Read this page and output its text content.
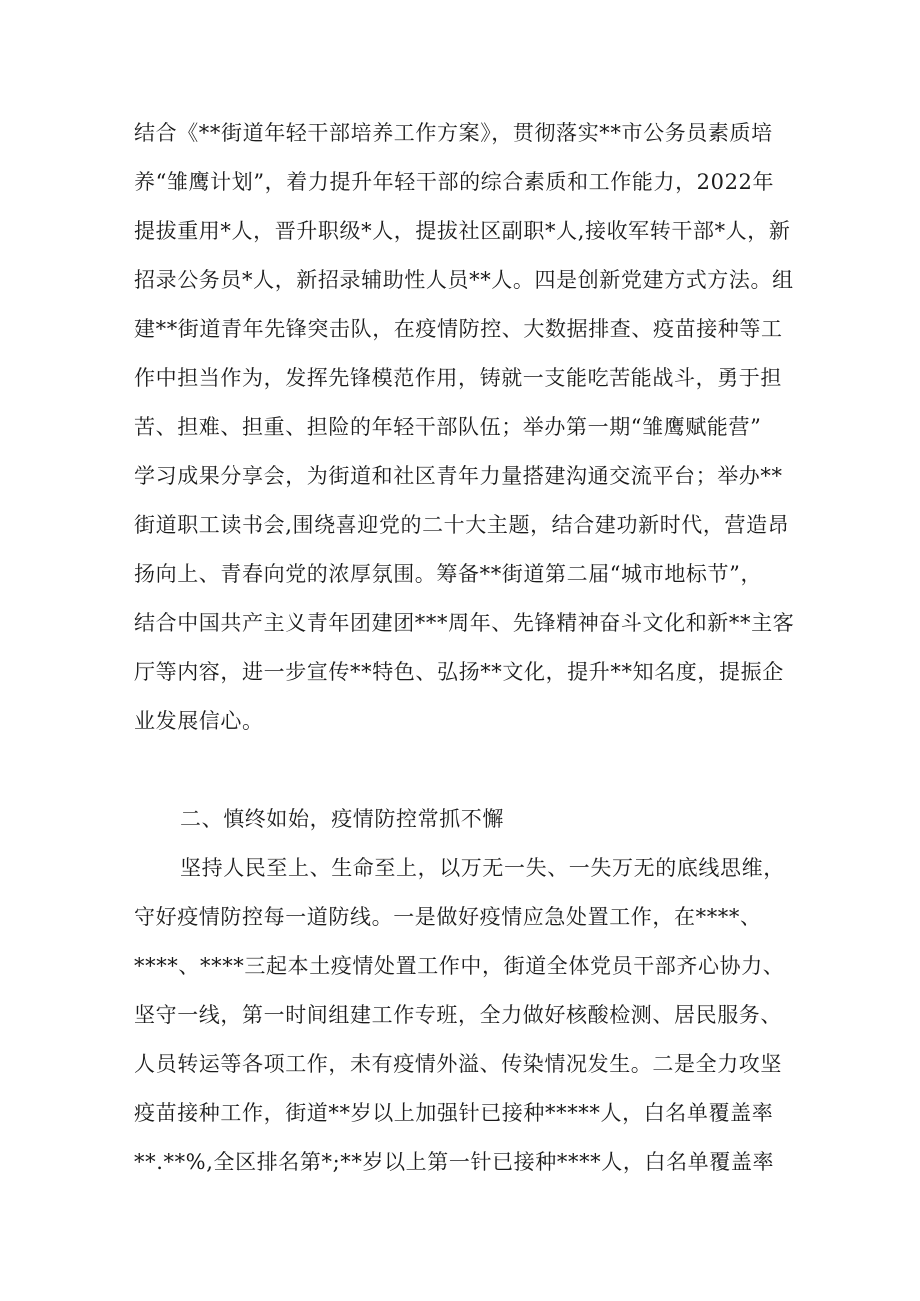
结合《**街道年轻干部培养工作方案》，贯彻落实**市公务员素质培
养“雏鹰计划”，着力提升年轻干部的综合素质和工作能力，2022年
提拔重用*人，晋升职级*人，提拔社区副职*人,接收军转干部*人，新
招录公务员*人，新招录辅助性人员**人。四是创新党建方式方法。组
建**街道青年先锋突击队，在疫情防控、大数据排查、疫苗接种等工
作中担当作为，发挥先锋模范作用，铸就一支能吃苦能战斗，勇于担
苦、担难、担重、担险的年轻干部队伍；举办第一期“雏鹰赋能营”
学习成果分享会，为街道和社区青年力量搭建沟通交流平台；举办**
街道职工读书会,围绕喜迎党的二十大主题，结合建功新时代，营造昂
扬向上、青春向党的浓厚氛围。筹备**街道第二届“城市地标节”，
结合中国共产主义青年团建团***周年、先锋精神奋斗文化和新**主客
厅等内容，进一步宣传**特色、弘扬**文化，提升**知名度，提振企
业发展信心。
二、慎终如始，疫情防控常抓不懈
坚持人民至上、生命至上，以万无一失、一失万无的底线思维，
守好疫情防控每一道防线。一是做好疫情应急处置工作，在****、
****、****三起本土疫情处置工作中，街道全体党员干部齐心协力、
坚守一线，第一时间组建工作专班，全力做好核酸检测、居民服务、
人员转运等各项工作，未有疫情外溢、传染情况发生。二是全力攻坚
疫苗接种工作，街道**岁以上加强针已接种*****人，白名单覆盖率
**.**%,全区排名第*;**岁以上第一针已接种****人，白名单覆盖率
